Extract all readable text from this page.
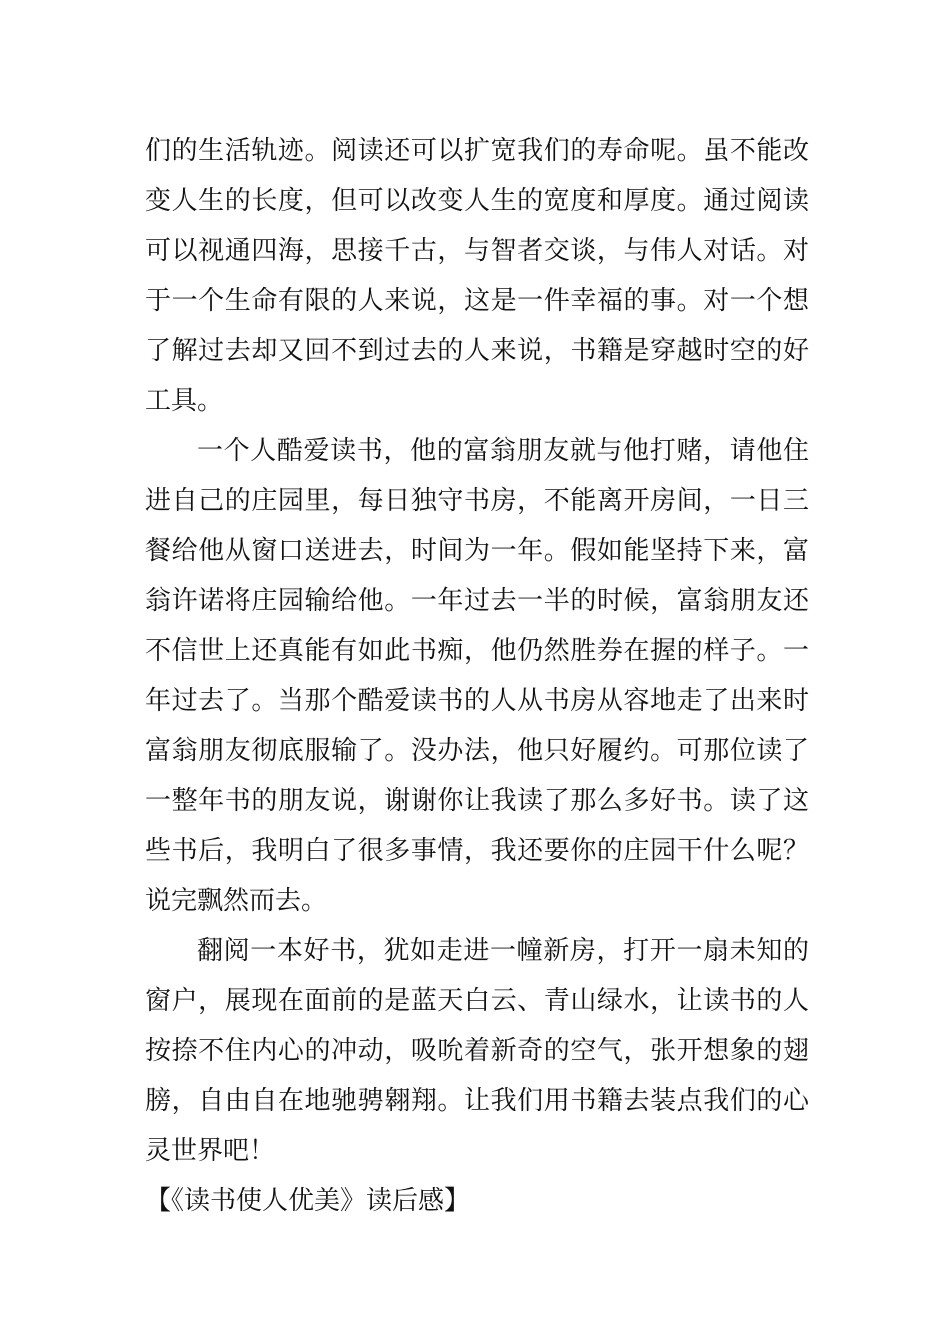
们的生活轨迹。阅读还可以扩宽我们的寿命呢。虽不能改
变人生的长度，但可以改变人生的宽度和厚度。通过阅读
可以视通四海，思接千古，与智者交谈，与伟人对话。对
于一个生命有限的人来说，这是一件幸福的事。对一个想
了解过去却又回不到过去的人来说，书籍是穿越时空的好
工具。
一个人酷爱读书，他的富翁朋友就与他打赌，请他住
进自己的庄园里，每日独守书房，不能离开房间，一日三
餐给他从窗口送进去，时间为一年。假如能坚持下来，富
翁许诺将庄园输给他。一年过去一半的时候，富翁朋友还
不信世上还真能有如此书痴，他仍然胜券在握的样子。一
年过去了。当那个酷爱读书的人从书房从容地走了出来时
富翁朋友彻底服输了。没办法，他只好履约。可那位读了
一整年书的朋友说，谢谢你让我读了那么多好书。读了这
些书后，我明白了很多事情，我还要你的庄园干什么呢？
说完飘然而去。
翻阅一本好书，犹如走进一幢新房，打开一扇未知的
窗户，展现在面前的是蓝天白云、青山绿水，让读书的人
按捺不住内心的冲动，吸吮着新奇的空气，张开想象的翅
膀，自由自在地驰骋翱翔。让我们用书籍去装点我们的心
灵世界吧！
【《读书使人优美》读后感】
